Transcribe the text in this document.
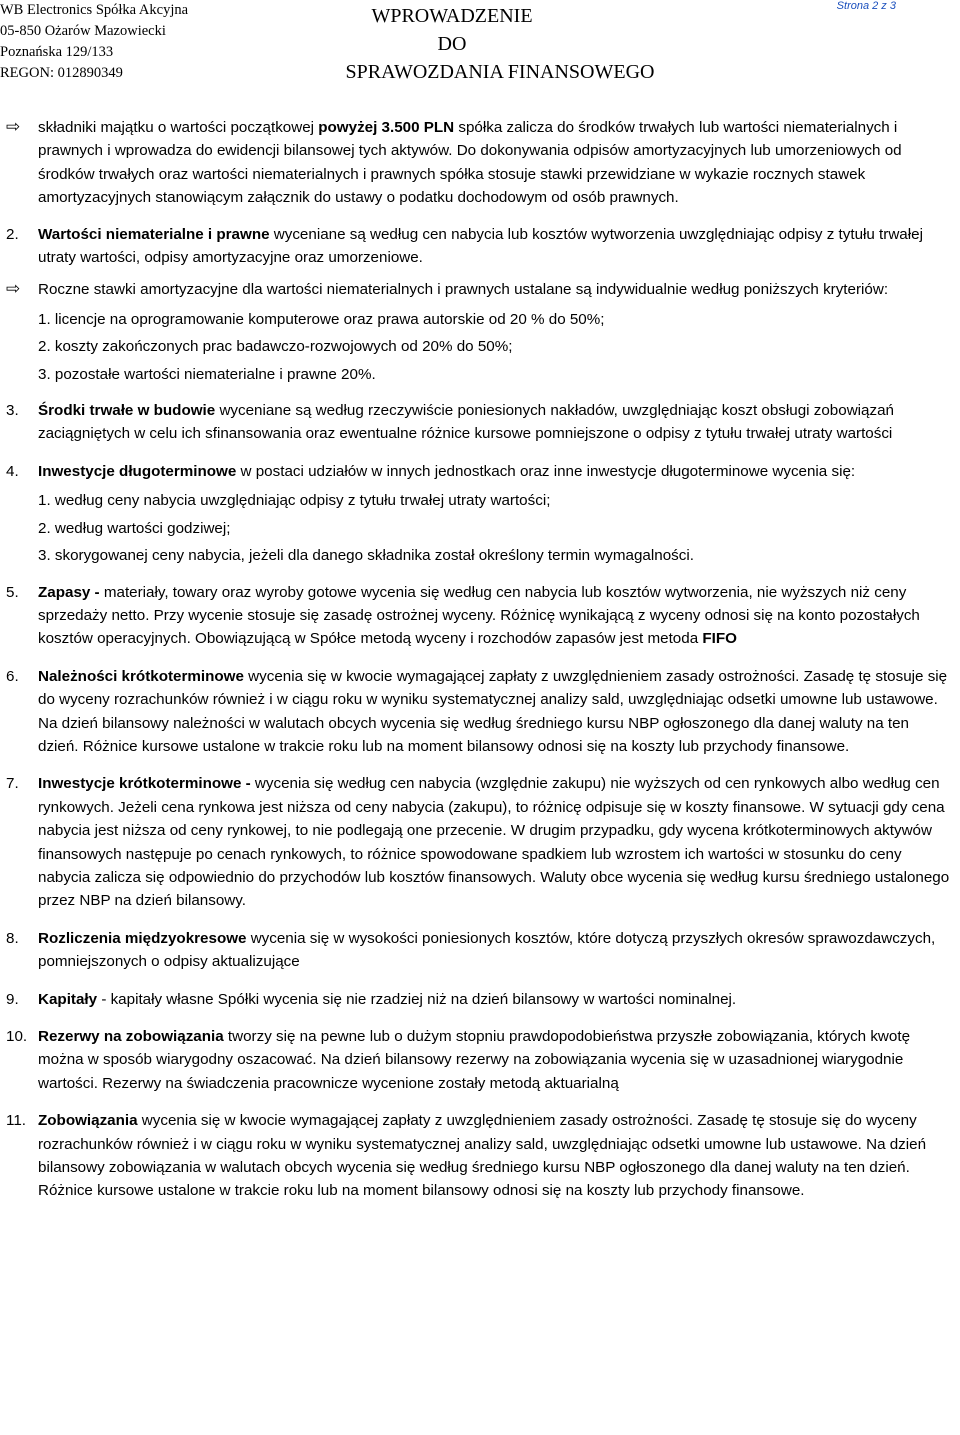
WB Electronics Spółka Akcyjna
05-850 Ożarów Mazowiecki
Poznańska 129/133
REGON: 012890349
WPROWADZENIE
DO
SPRAWOZDANIA FINANSOWEGO
Strona 2 z 3
⇨	składniki majątku o wartości początkowej powyżej 3.500 PLN spółka zalicza do środków trwałych lub wartości niematerialnych i prawnych i wprowadza do ewidencji bilansowej tych aktywów. Do dokonywania odpisów amortyzacyjnych lub umorzeniowych od środków trwałych oraz wartości niematerialnych i prawnych spółka stosuje stawki przewidziane w wykazie rocznych stawek amortyzacyjnych stanowiącym załącznik do ustawy o podatku dochodowym od osób prawnych.

2.	Wartości niematerialne i prawne wyceniane są według cen nabycia lub kosztów wytworzenia uwzględniając odpisy z tytułu trwałej utraty wartości, odpisy amortyzacyjne oraz umorzeniowe.

⇨	Roczne stawki amortyzacyjne dla wartości niematerialnych i prawnych ustalane są indywidualnie według poniższych kryteriów:

1. licencje na oprogramowanie komputerowe oraz prawa autorskie od 20 % do 50%;
2. koszty zakończonych prac badawczo-rozwojowych od 20% do 50%;
3. pozostałe wartości niematerialne i prawne 20%.
3.	Środki trwałe w budowie wyceniane są według rzeczywiście poniesionych nakładów, uwzględniając koszt obsługi zobowiązań zaciągniętych w celu ich sfinansowania oraz ewentualne różnice kursowe pomniejszone o odpisy z tytułu trwałej utraty wartości

4.	Inwestycje długoterminowe w postaci udziałów w innych jednostkach oraz inne inwestycje długoterminowe wycenia się:

1. według ceny nabycia uwzględniając odpisy z tytułu trwałej utraty wartości;
2. według wartości godziwej;
3. skorygowanej ceny nabycia, jeżeli dla danego składnika został określony termin wymagalności.
5.	Zapasy - materiały, towary oraz wyroby gotowe wycenia się według cen nabycia lub kosztów wytworzenia, nie wyższych niż ceny sprzedaży netto. Przy wycenie stosuje się zasadę ostrożnej wyceny. Różnicę wynikającą z wyceny odnosi się na konto pozostałych kosztów operacyjnych. Obowiązującą w Spółce metodą wyceny i rozchodów zapasów jest metoda FIFO

6.	Należności krótkoterminowe wycenia się w kwocie wymagającej zapłaty z uwzględnieniem zasady ostrożności. Zasadę tę stosuje się do wyceny rozrachunków również i w ciągu roku w wyniku systematycznej analizy sald, uwzględniając odsetki umowne lub ustawowe. Na dzień bilansowy należności w walutach obcych wycenia się według średniego kursu NBP ogłoszonego dla danej waluty na ten dzień. Różnice kursowe ustalone w trakcie roku lub na moment bilansowy odnosi się na koszty lub przychody finansowe.

7.	Inwestycje krótkoterminowe - wycenia się według cen nabycia (względnie zakupu) nie wyższych od cen rynkowych albo według cen rynkowych. Jeżeli cena rynkowa jest niższa od ceny nabycia (zakupu), to różnicę odpisuje się w koszty finansowe. W sytuacji gdy cena nabycia jest niższa od ceny rynkowej, to nie podlegają one przecenie. W drugim przypadku, gdy wycena krótkoterminowych aktywów finansowych następuje po cenach rynkowych, to różnice spowodowane spadkiem lub wzrostem ich wartości w stosunku do ceny nabycia zalicza się odpowiednio do przychodów lub kosztów finansowych. Waluty obce wycenia się według kursu średniego ustalonego przez NBP na dzień bilansowy.

8.	Rozliczenia międzyokresowe wycenia się w wysokości poniesionych kosztów, które dotyczą przyszłych okresów sprawozdawczych, pomniejszonych o odpisy aktualizujące

9.	Kapitały - kapitały własne Spółki wycenia się nie rzadziej niż na dzień bilansowy w wartości nominalnej.

10. Rezerwy na zobowiązania tworzy się na pewne lub o dużym stopniu prawdopodobieństwa przyszłe zobowiązania, których kwotę można w sposób wiarygodny oszacować. Na dzień bilansowy rezerwy na zobowiązania wycenia się w uzasadnionej wiarygodnie wartości. Rezerwy na świadczenia pracownicze wycenione zostały metodą aktuarialną

11. Zobowiązania wycenia się w kwocie wymagającej zapłaty z uwzględnieniem zasady ostrożności. Zasadę tę stosuje się do wyceny rozrachunków również i w ciągu roku w wyniku systematycznej analizy sald, uwzględniając odsetki umowne lub ustawowe. Na dzień bilansowy zobowiązania w walutach obcych wycenia się według średniego kursu NBP ogłoszonego dla danej waluty na ten dzień. Różnice kursowe ustalone w trakcie roku lub na moment bilansowy odnosi się na koszty lub przychody finansowe.
